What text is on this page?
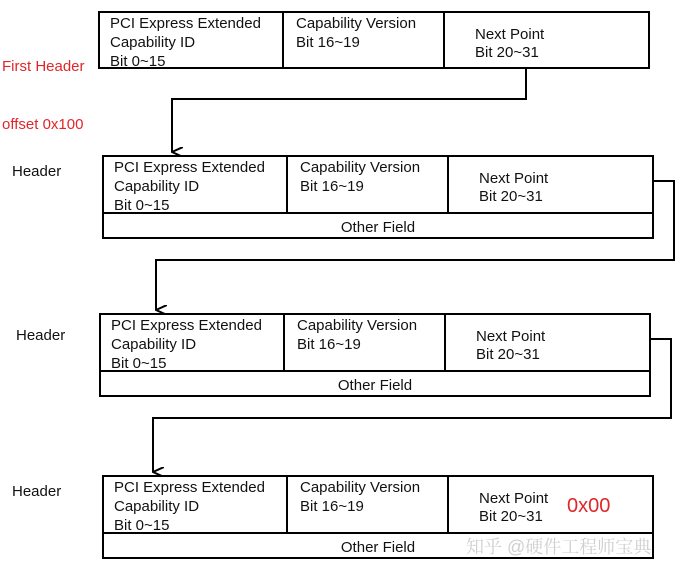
First Header

offset 0x100

Header
Header
Header
PCI Express Extended
Capability ID
Bit 0~15
Capability Version
Bit 16~19	Next Point
Bit 20~31
PCI Express Extended
Capability ID
Bit 0~15
Capability Version
Bit 16~19	Next Point
Bit 20~31
Other Field
PCI Express Extended
Capability ID
Bit 0~15
Capability Version
Bit 16~19	Next Point
Bit 20~31
Other Field
PCI Express Extended
Capability ID
Bit 0~15
Capability Version
Bit 16~19	Next Point
Bit 20~31 0x00
Other Field	知乎 @硬件工程师宝典
